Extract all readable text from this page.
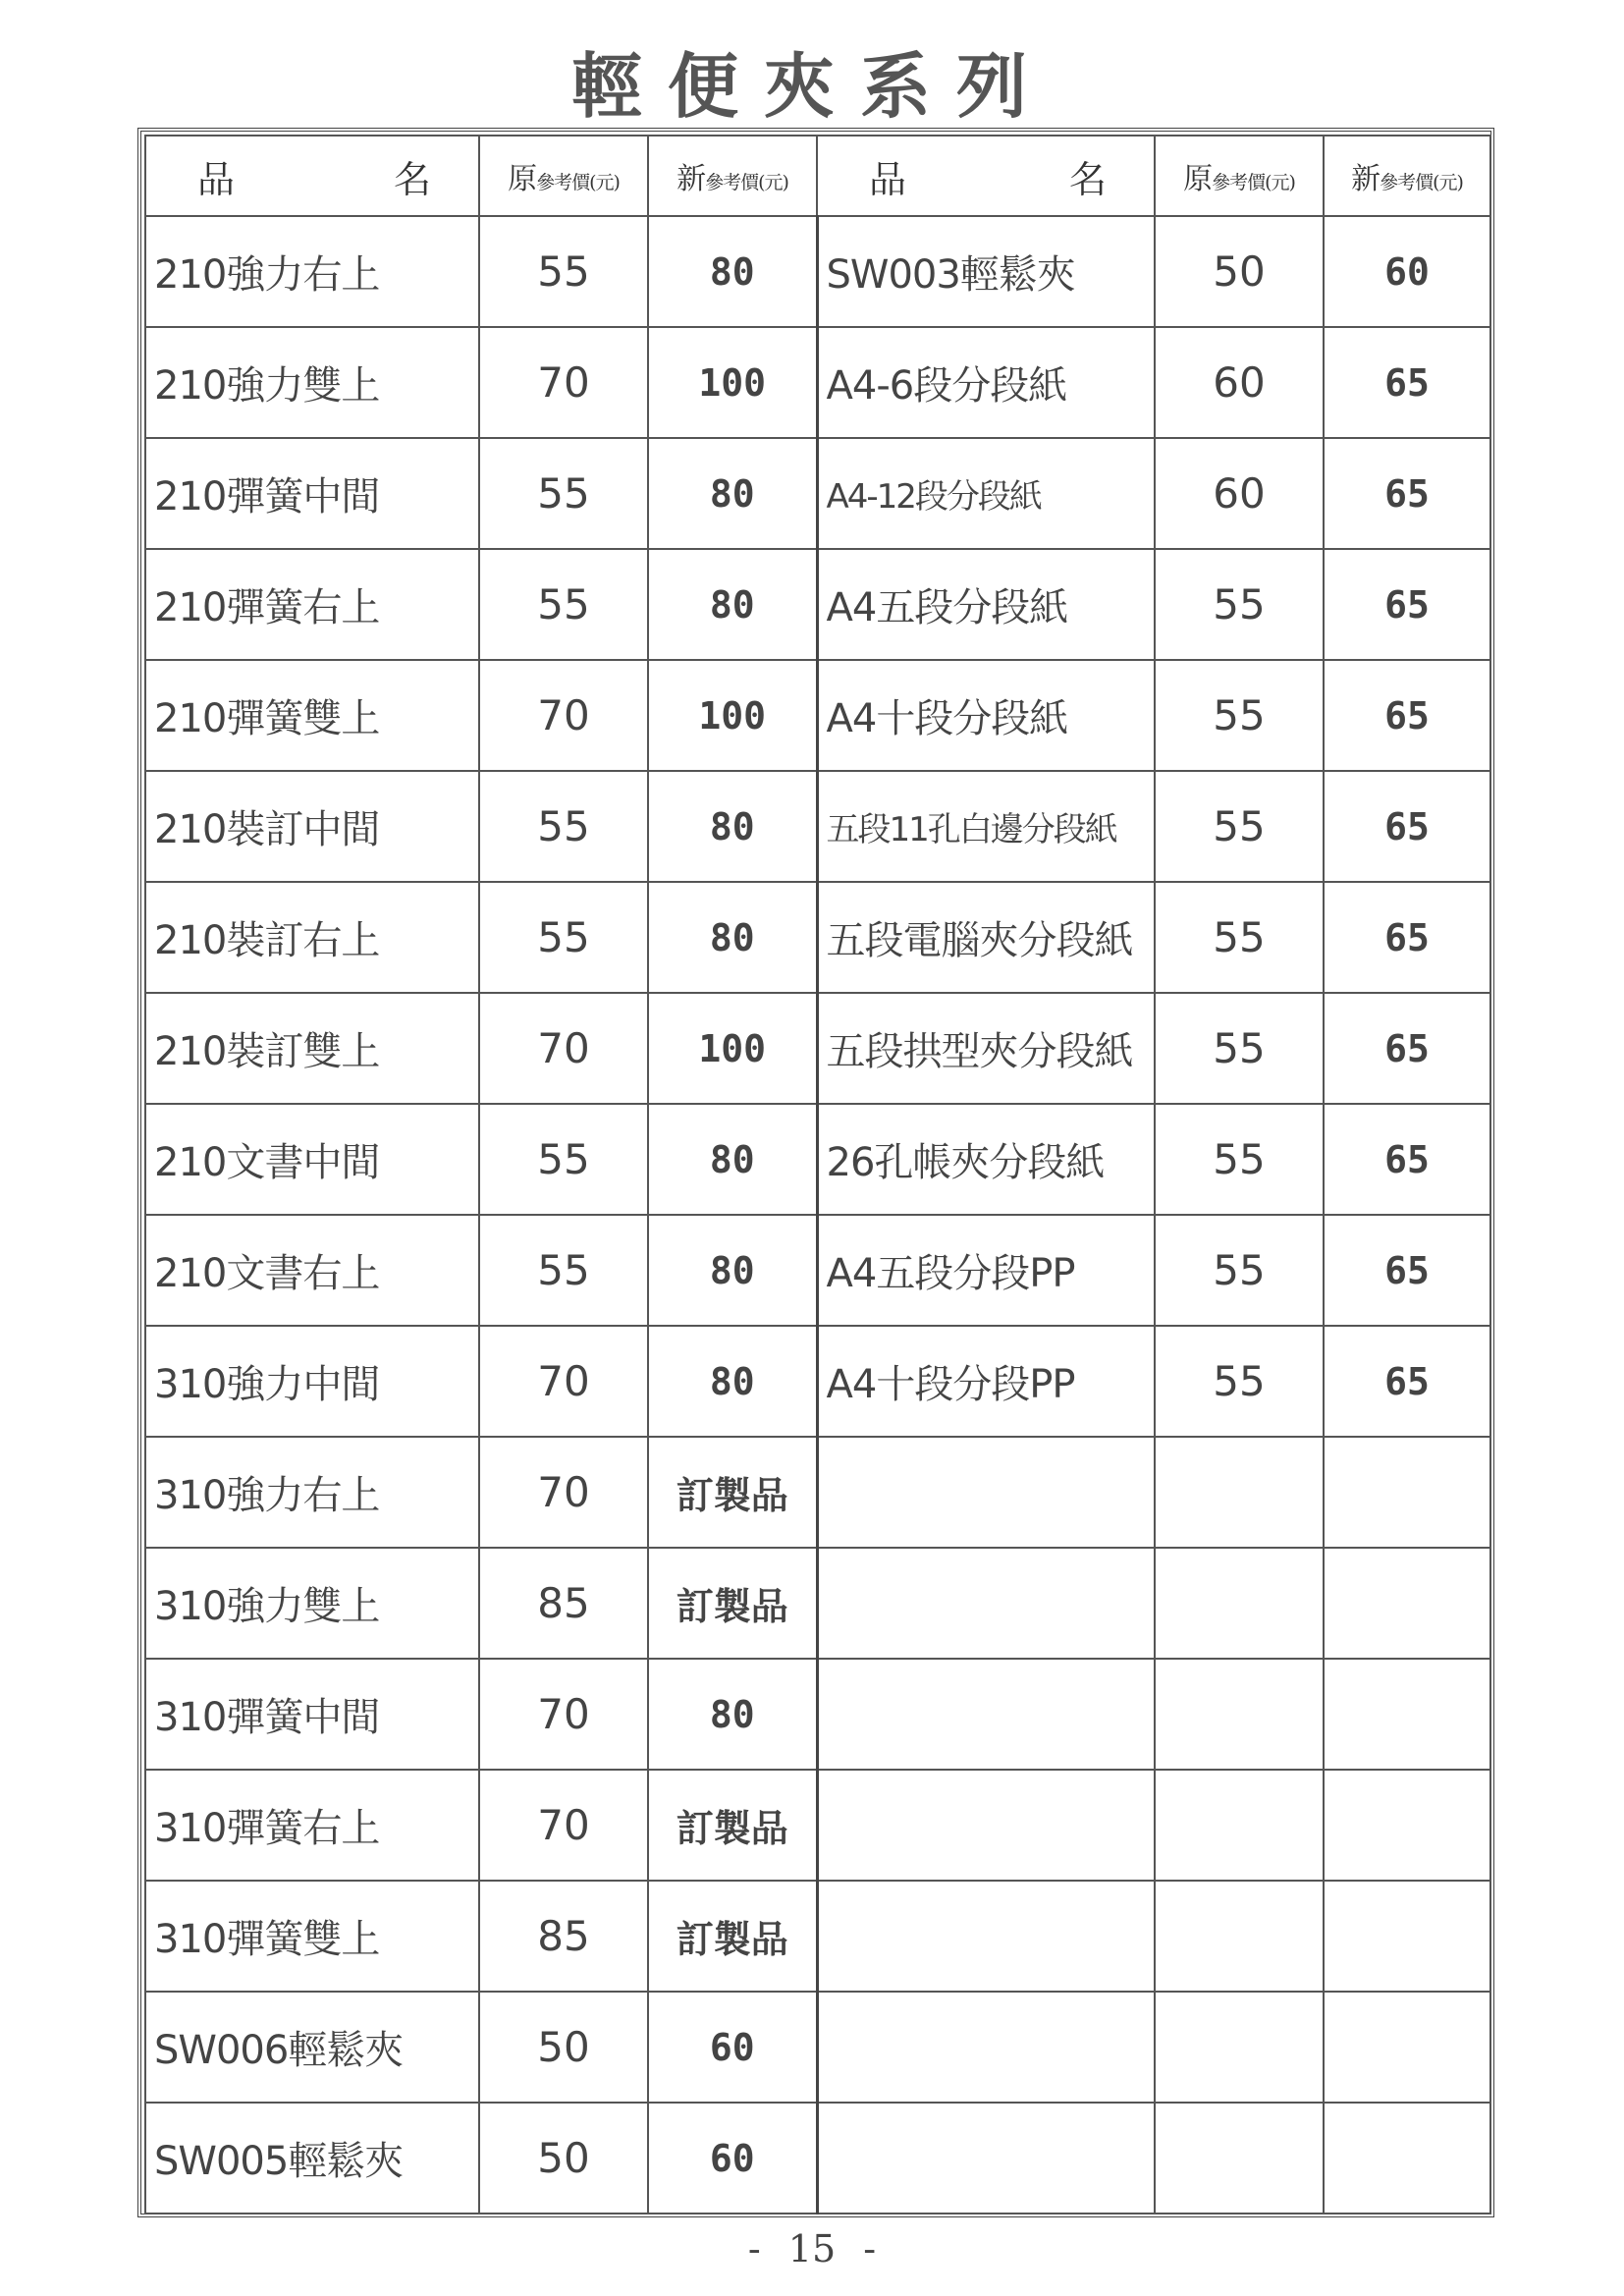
輕便夾系列
品 名	原參考價(元)	新參考價(元)	品 名	原參考價(元)	新參考價(元)
210強力右上	55	80	SW003輕鬆夾	50	60
210強力雙上	70	100	A4-6段分段紙	60	65
210彈簧中間	55	80	A4-12段分段紙	60	65
210彈簧右上	55	80	A4五段分段紙	55	65
210彈簧雙上	70	100	A4十段分段紙	55	65
210裝訂中間	55	80	五段11孔白邊分段紙	55	65
210裝訂右上	55	80	五段電腦夾分段紙	55	65
210裝訂雙上	70	100	五段拱型夾分段紙	55	65
210文書中間	55	80	26孔帳夾分段紙	55	65
210文書右上	55	80	A4五段分段PP	55	65
310強力中間	70	80	A4十段分段PP	55	65
310強力右上	70	訂製品			
310強力雙上	85	訂製品			
310彈簧中間	70	80			
310彈簧右上	70	訂製品			
310彈簧雙上	85	訂製品			
SW006輕鬆夾	50	60			
SW005輕鬆夾	50	60			
- 15 -
